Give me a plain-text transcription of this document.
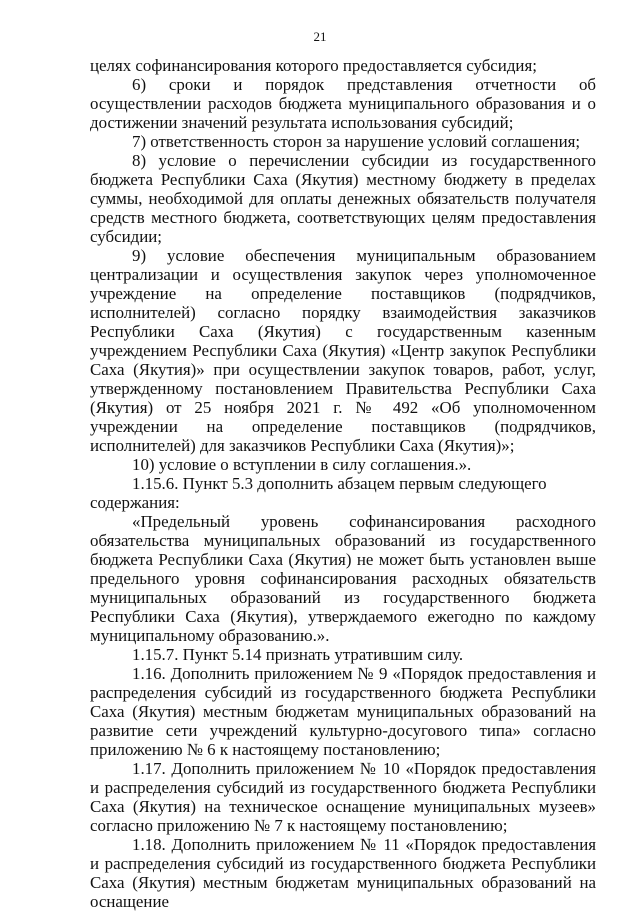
21

целях софинансирования которого предоставляется субсидия;

6) сроки и порядок представления отчетности об осуществлении расходов бюджета муниципального образования и о достижении значений результата использования субсидий;

7) ответственность сторон за нарушение условий соглашения;

8) условие о перечислении субсидии из государственного бюджета Республики Саха (Якутия) местному бюджету в пределах суммы, необходимой для оплаты денежных обязательств получателя средств местного бюджета, соответствующих целям предоставления субсидии;

9) условие обеспечения муниципальным образованием централизации и осуществления закупок через уполномоченное учреждение на определение поставщиков (подрядчиков, исполнителей) согласно порядку взаимодействия заказчиков Республики Саха (Якутия) с государственным казенным учреждением Республики Саха (Якутия) «Центр закупок Республики Саха (Якутия)» при осуществлении закупок товаров, работ, услуг, утвержденному постановлением Правительства Республики Саха (Якутия) от 25 ноября 2021 г. № 492 «Об уполномоченном учреждении на определение поставщиков (подрядчиков, исполнителей) для заказчиков Республики Саха (Якутия)»;

10) условие о вступлении в силу соглашения.».

1.15.6. Пункт 5.3 дополнить абзацем первым следующего содержания:

«Предельный уровень софинансирования расходного обязательства муниципальных образований из государственного бюджета Республики Саха (Якутия) не может быть установлен выше предельного уровня софинансирования расходных обязательств муниципальных образований из государственного бюджета Республики Саха (Якутия), утверждаемого ежегодно по каждому муниципальному образованию.».

1.15.7. Пункт 5.14 признать утратившим силу.

1.16. Дополнить приложением № 9 «Порядок предоставления и распределения субсидий из государственного бюджета Республики Саха (Якутия) местным бюджетам муниципальных образований на развитие сети учреждений культурно-досугового типа» согласно приложению № 6 к настоящему постановлению;

1.17. Дополнить приложением № 10 «Порядок предоставления и распределения субсидий из государственного бюджета Республики Саха (Якутия) на техническое оснащение муниципальных музеев» согласно приложению № 7 к настоящему постановлению;

1.18. Дополнить приложением № 11 «Порядок предоставления и распределения субсидий из государственного бюджета Республики Саха (Якутия) местным бюджетам муниципальных образований на оснащение
